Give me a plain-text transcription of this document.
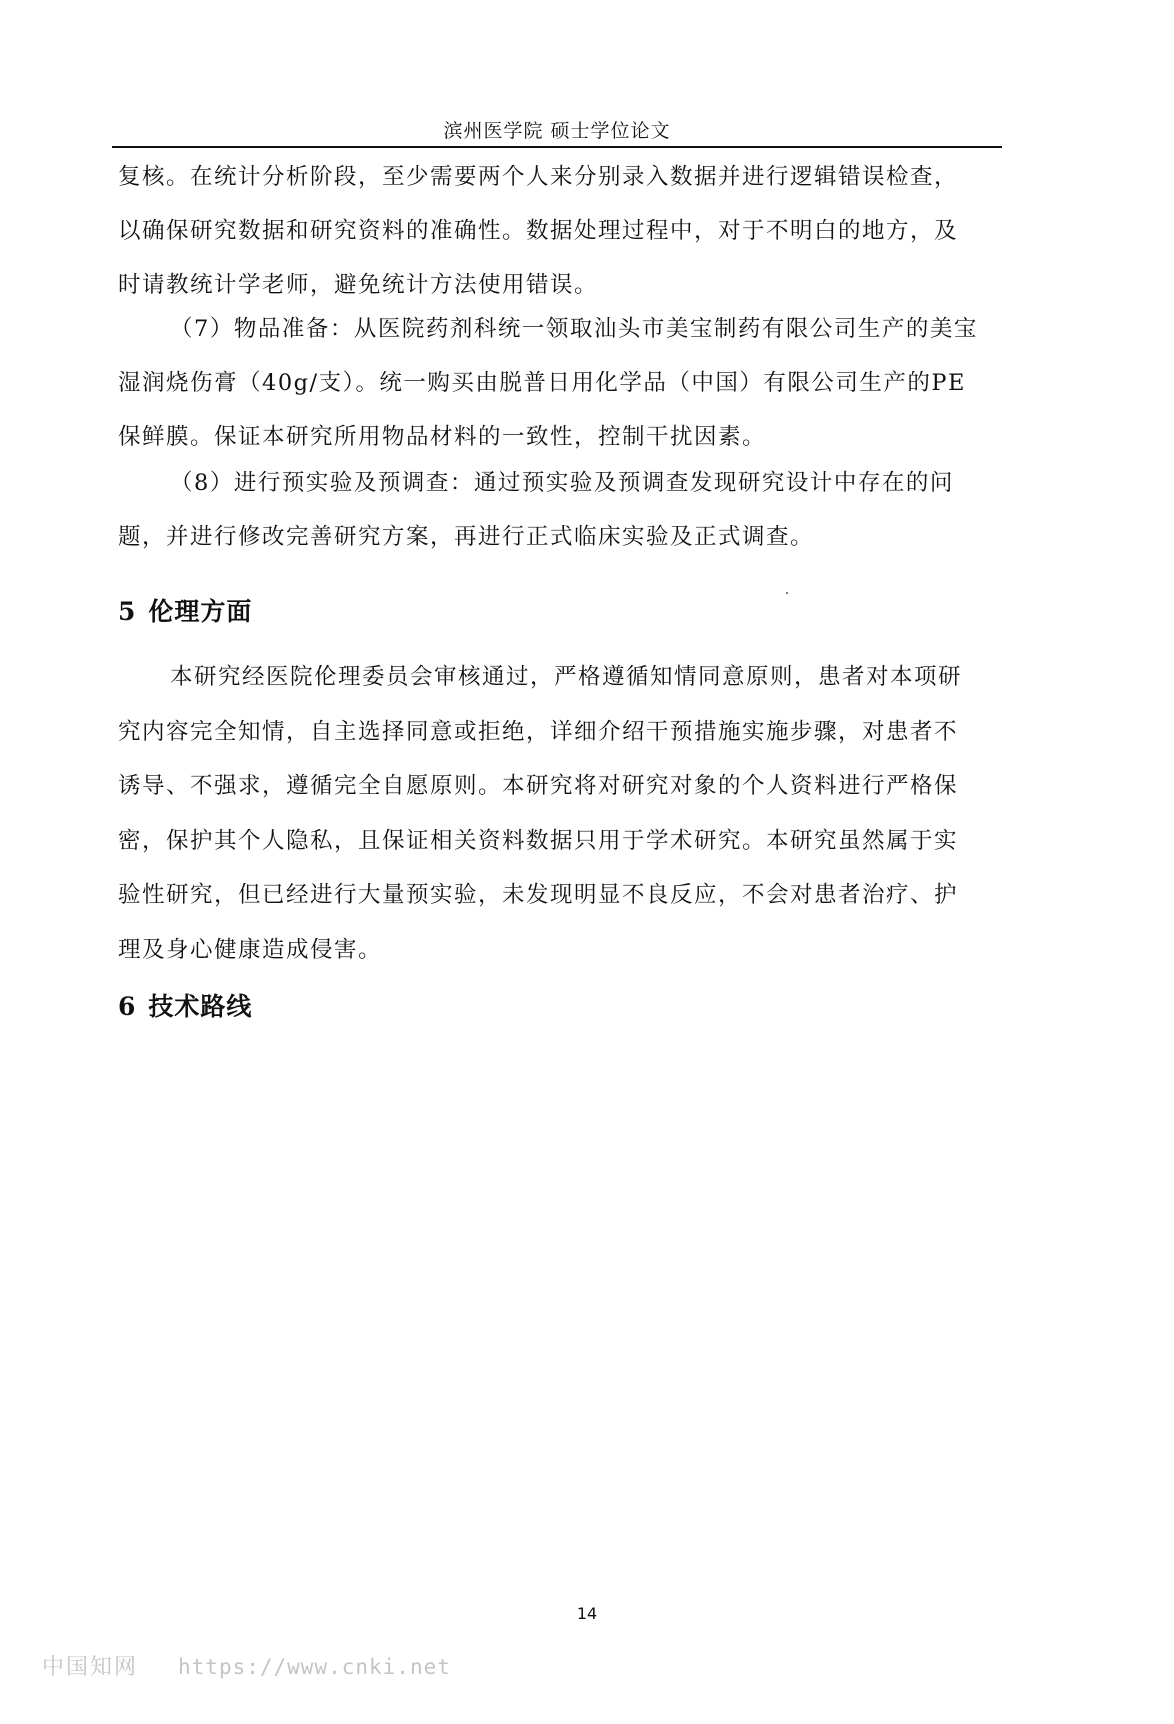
滨州医学院 硕士学位论文

复核。在统计分析阶段，至少需要两个人来分别录入数据并进行逻辑错误检查，以确保研究数据和研究资料的准确性。数据处理过程中，对于不明白的地方，及时请教统计学老师，避免统计方法使用错误。

（7）物品准备：从医院药剂科统一领取汕头市美宝制药有限公司生产的美宝湿润烧伤膏（40g/支）。统一购买由脱普日用化学品（中国）有限公司生产的PE保鲜膜。保证本研究所用物品材料的一致性，控制干扰因素。

（8）进行预实验及预调查：通过预实验及预调查发现研究设计中存在的问题，并进行修改完善研究方案，再进行正式临床实验及正式调查。

5 伦理方面

本研究经医院伦理委员会审核通过，严格遵循知情同意原则，患者对本项研究内容完全知情，自主选择同意或拒绝，详细介绍干预措施实施步骤，对患者不诱导、不强求，遵循完全自愿原则。本研究将对研究对象的个人资料进行严格保密，保护其个人隐私，且保证相关资料数据只用于学术研究。本研究虽然属于实验性研究，但已经进行大量预实验，未发现明显不良反应，不会对患者治疗、护理及身心健康造成侵害。

6 技术路线
14
中国知网 https://www.cnki.net
